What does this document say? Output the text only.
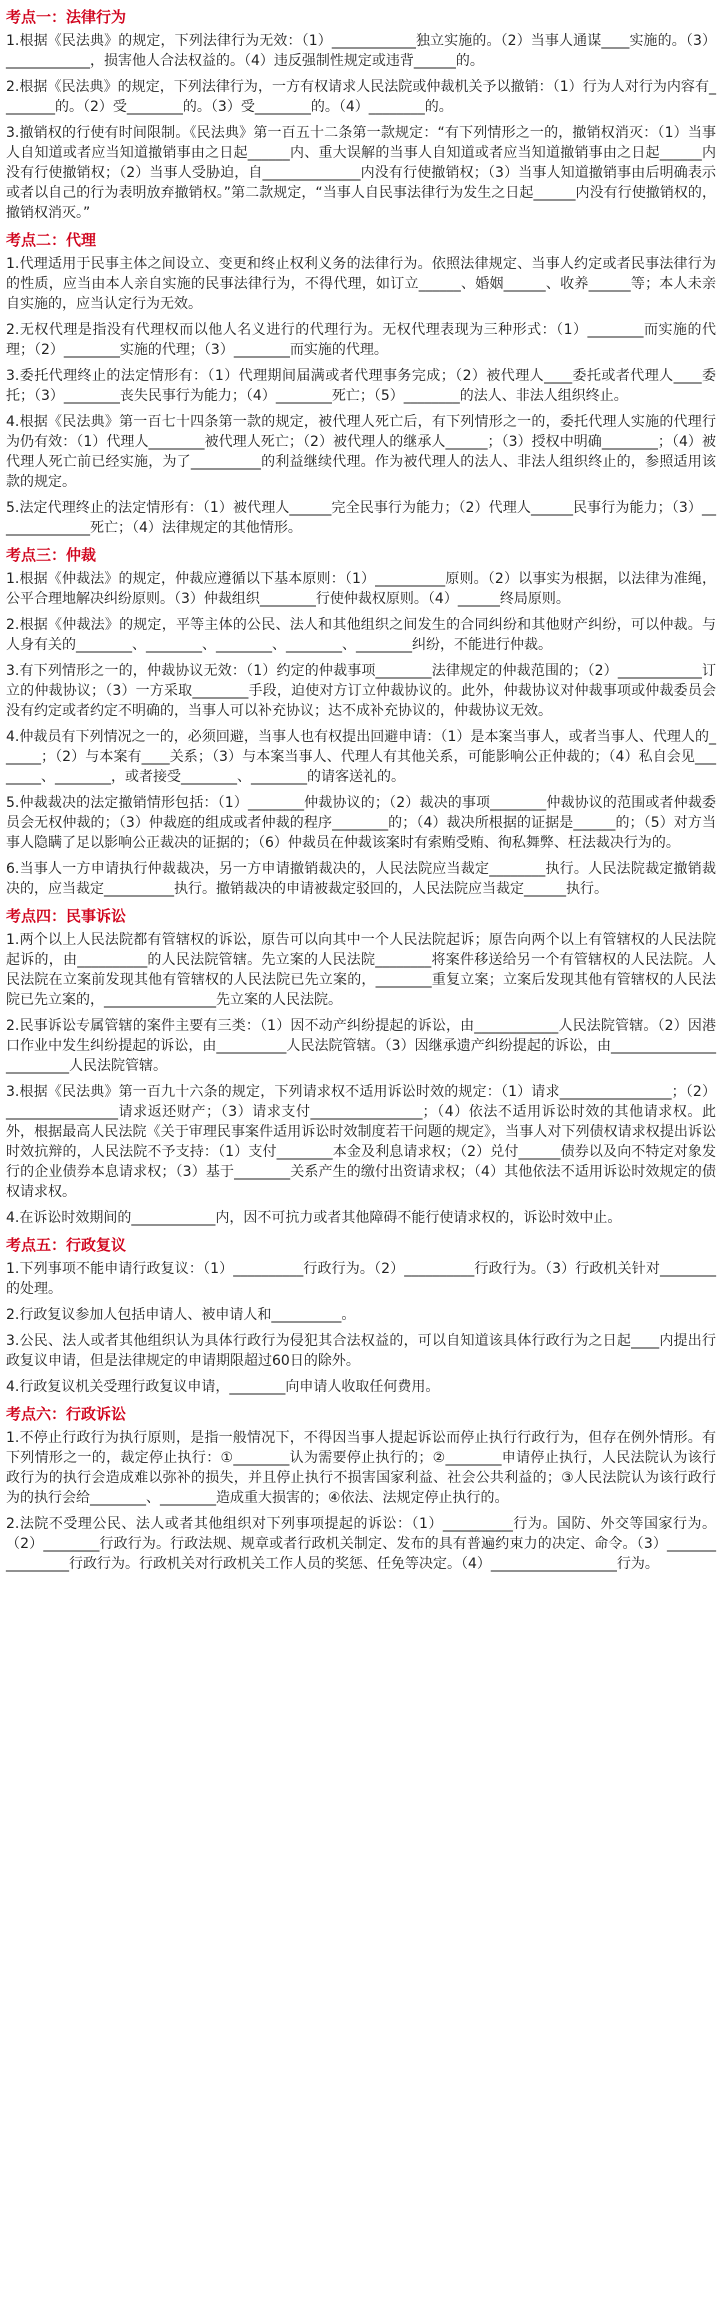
考点一：法律行为
1.根据《民法典》的规定，下列法律行为无效：（1）____________独立实施的。（2）当事人通谋____实施的。（3）____________，损害他人合法权益的。（4）违反强制性规定或违背______的。
2.根据《民法典》的规定，下列法律行为，一方有权请求人民法院或仲裁机关予以撤销：（1）行为人对行为内容有________的。（2）受________的。（3）受________的。（4）________的。
3.撤销权的行使有时间限制。《民法典》第一百五十二条第一款规定：“有下列情形之一的，撤销权消灭：（1）当事人自知道或者应当知道撤销事由之日起______内、重大误解的当事人自知道或者应当知道撤销事由之日起______内没有行使撤销权；（2）当事人受胁迫，自______________内没有行使撤销权；（3）当事人知道撤销事由后明确表示或者以自己的行为表明放弃撤销权。”第二款规定，“当事人自民事法律行为发生之日起______内没有行使撤销权的，撤销权消灭。”
考点二：代理
1.代理适用于民事主体之间设立、变更和终止权利义务的法律行为。依照法律规定、当事人约定或者民事法律行为的性质，应当由本人亲自实施的民事法律行为，不得代理，如订立______、婚姻______、收养______等；本人未亲自实施的，应当认定行为无效。
2.无权代理是指没有代理权而以他人名义进行的代理行为。无权代理表现为三种形式：（1）________而实施的代理；（2）________实施的代理；（3）________而实施的代理。
3.委托代理终止的法定情形有：（1）代理期间届满或者代理事务完成；（2）被代理人____委托或者代理人____委托；（3）________丧失民事行为能力；（4）________死亡；（5）________的法人、非法人组织终止。
4.根据《民法典》第一百七十四条第一款的规定，被代理人死亡后，有下列情形之一的，委托代理人实施的代理行为仍有效：（1）代理人________被代理人死亡；（2）被代理人的继承人______；（3）授权中明确________；（4）被代理人死亡前已经实施，为了__________的利益继续代理。作为被代理人的法人、非法人组织终止的，参照适用该款的规定。
5.法定代理终止的法定情形有：（1）被代理人______完全民事行为能力；（2）代理人______民事行为能力；（3）______________死亡；（4）法律规定的其他情形。
考点三：仲裁
1.根据《仲裁法》的规定，仲裁应遵循以下基本原则：（1）__________原则。（2）以事实为根据，以法律为准绳，公平合理地解决纠纷原则。（3）仲裁组织________行使仲裁权原则。（4）______终局原则。
2.根据《仲裁法》的规定，平等主体的公民、法人和其他组织之间发生的合同纠纷和其他财产纠纷，可以仲裁。与人身有关的________、________、________、________、________纠纷，不能进行仲裁。
3.有下列情形之一的，仲裁协议无效：（1）约定的仲裁事项________法律规定的仲裁范围的；（2）____________订立的仲裁协议；（3）一方采取________手段，迫使对方订立仲裁协议的。此外，仲裁协议对仲裁事项或仲裁委员会没有约定或者约定不明确的，当事人可以补充协议；达不成补充协议的，仲裁协议无效。
4.仲裁员有下列情况之一的，必须回避，当事人也有权提出回避申请：（1）是本案当事人，或者当事人、代理人的______；（2）与本案有____关系；（3）与本案当事人、代理人有其他关系，可能影响公正仲裁的；（4）私自会见________、________，或者接受________、________的请客送礼的。
5.仲裁裁决的法定撤销情形包括：（1）________仲裁协议的；（2）裁决的事项________仲裁协议的范围或者仲裁委员会无权仲裁的；（3）仲裁庭的组成或者仲裁的程序________的；（4）裁决所根据的证据是______的；（5）对方当事人隐瞒了足以影响公正裁决的证据的；（6）仲裁员在仲裁该案时有索贿受贿、徇私舞弊、枉法裁决行为的。
6.当事人一方申请执行仲裁裁决，另一方申请撤销裁决的，人民法院应当裁定________执行。人民法院裁定撤销裁决的，应当裁定__________执行。撤销裁决的申请被裁定驳回的，人民法院应当裁定______执行。
考点四：民事诉讼
1.两个以上人民法院都有管辖权的诉讼，原告可以向其中一个人民法院起诉；原告向两个以上有管辖权的人民法院起诉的，由__________的人民法院管辖。先立案的人民法院________将案件移送给另一个有管辖权的人民法院。人民法院在立案前发现其他有管辖权的人民法院已先立案的，________重复立案；立案后发现其他有管辖权的人民法院已先立案的，________________先立案的人民法院。
2.民事诉讼专属管辖的案件主要有三类：（1）因不动产纠纷提起的诉讼，由____________人民法院管辖。（2）因港口作业中发生纠纷提起的诉讼，由__________人民法院管辖。（3）因继承遗产纠纷提起的诉讼，由________________________人民法院管辖。
3.根据《民法典》第一百九十六条的规定，下列请求权不适用诉讼时效的规定：（1）请求________________；（2）________________请求返还财产；（3）请求支付________________；（4）依法不适用诉讼时效的其他请求权。此外，根据最高人民法院《关于审理民事案件适用诉讼时效制度若干问题的规定》，当事人对下列债权请求权提出诉讼时效抗辩的，人民法院不予支持：（1）支付________本金及利息请求权；（2）兑付______债券以及向不特定对象发行的企业债券本息请求权；（3）基于________关系产生的缴付出资请求权；（4）其他依法不适用诉讼时效规定的债权请求权。
4.在诉讼时效期间的____________内，因不可抗力或者其他障碍不能行使请求权的，诉讼时效中止。
考点五：行政复议
1.下列事项不能申请行政复议：（1）__________行政行为。（2）__________行政行为。（3）行政机关针对________的处理。
2.行政复议参加人包括申请人、被申请人和__________。
3.公民、法人或者其他组织认为具体行政行为侵犯其合法权益的，可以自知道该具体行政行为之日起____内提出行政复议申请，但是法律规定的申请期限超过60日的除外。
4.行政复议机关受理行政复议申请，________向申请人收取任何费用。
考点六：行政诉讼
1.不停止行政行为执行原则，是指一般情况下，不得因当事人提起诉讼而停止执行行政行为，但存在例外情形。有下列情形之一的，裁定停止执行：①________认为需要停止执行的；②________申请停止执行，人民法院认为该行政行为的执行会造成难以弥补的损失，并且停止执行不损害国家利益、社会公共利益的；③人民法院认为该行政行为的执行会给________、________造成重大损害的；④依法、法规定停止执行的。
2.法院不受理公民、法人或者其他组织对下列事项提起的诉讼：（1）__________行为。国防、外交等国家行为。（2）________行政行为。行政法规、规章或者行政机关制定、发布的具有普遍约束力的决定、命令。（3）________________行政行为。行政机关对行政机关工作人员的奖惩、任免等决定。（4）__________________行为。
